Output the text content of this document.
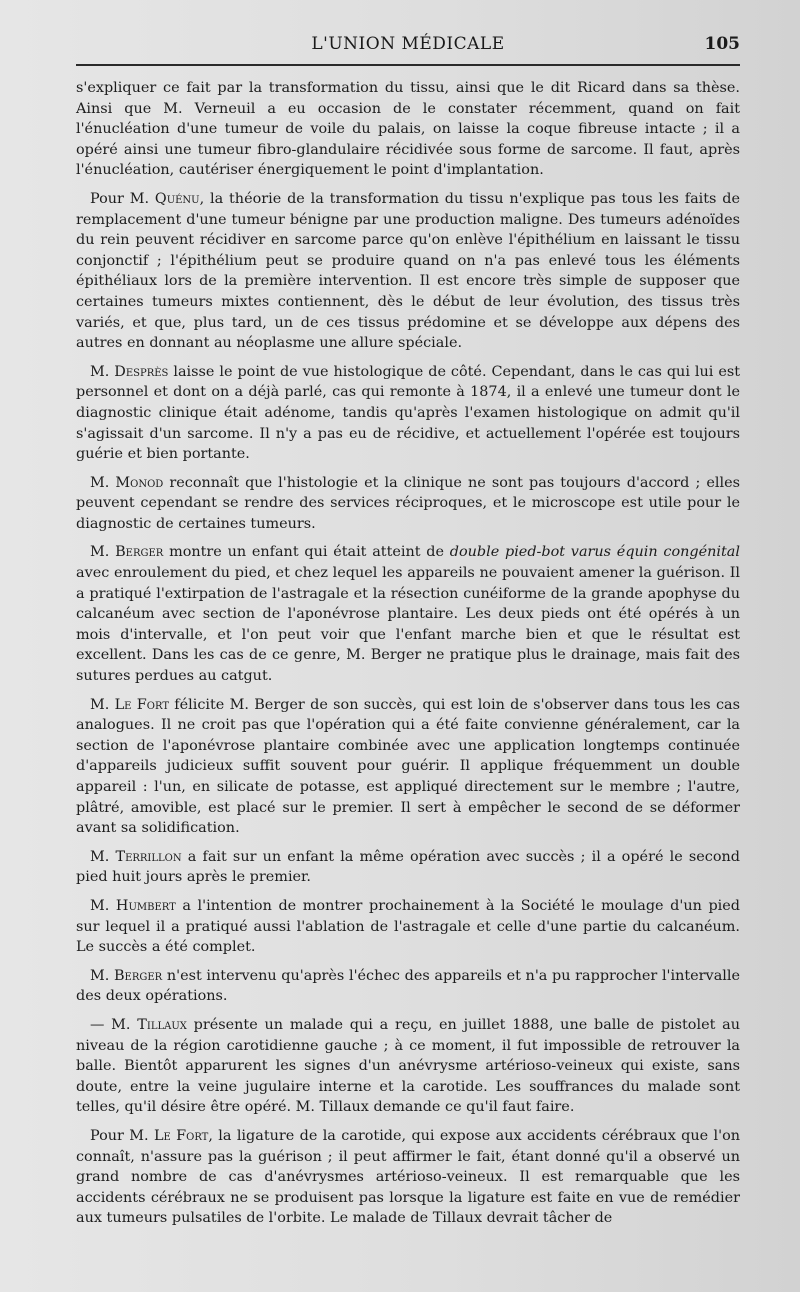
L'UNION MÉDICALE	105

s'expliquer ce fait par la transformation du tissu, ainsi que le dit Ricard dans sa thèse. Ainsi que M. Verneuil a eu occasion de le constater récemment, quand on fait l'énucléation d'une tumeur de voile du palais, on laisse la coque fibreuse intacte ; il a opéré ainsi une tumeur fibro-glandulaire récidivée sous forme de sarcome. Il faut, après l'énucléation, cautériser énergiquement le point d'implantation.

Pour M. Quénu, la théorie de la transformation du tissu n'explique pas tous les faits de remplacement d'une tumeur bénigne par une production maligne. Des tumeurs adénoïdes du rein peuvent récidiver en sarcome parce qu'on enlève l'épithélium en laissant le tissu conjonctif ; l'épithélium peut se produire quand on n'a pas enlevé tous les éléments épithéliaux lors de la première intervention. Il est encore très simple de supposer que certaines tumeurs mixtes contiennent, dès le début de leur évolution, des tissus très variés, et que, plus tard, un de ces tissus prédomine et se développe aux dépens des autres en donnant au néoplasme une allure spéciale.

M. Desprès laisse le point de vue histologique de côté. Cependant, dans le cas qui lui est personnel et dont on a déjà parlé, cas qui remonte à 1874, il a enlevé une tumeur dont le diagnostic clinique était adénome, tandis qu'après l'examen histologique on admit qu'il s'agissait d'un sarcome. Il n'y a pas eu de récidive, et actuellement l'opérée est toujours guérie et bien portante.

M. Monod reconnaît que l'histologie et la clinique ne sont pas toujours d'accord ; elles peuvent cependant se rendre des services réciproques, et le microscope est utile pour le diagnostic de certaines tumeurs.

M. Berger montre un enfant qui était atteint de double pied-bot varus équin congénital avec enroulement du pied, et chez lequel les appareils ne pouvaient amener la guérison. Il a pratiqué l'extirpation de l'astragale et la résection cunéiforme de la grande apophyse du calcanéum avec section de l'aponévrose plantaire. Les deux pieds ont été opérés à un mois d'intervalle, et l'on peut voir que l'enfant marche bien et que le résultat est excellent. Dans les cas de ce genre, M. Berger ne pratique plus le drainage, mais fait des sutures perdues au catgut.

M. Le Fort félicite M. Berger de son succès, qui est loin de s'observer dans tous les cas analogues. Il ne croit pas que l'opération qui a été faite convienne généralement, car la section de l'aponévrose plantaire combinée avec une application longtemps continuée d'appareils judicieux suffit souvent pour guérir. Il applique fréquemment un double appareil : l'un, en silicate de potasse, est appliqué directement sur le membre ; l'autre, plâtré, amovible, est placé sur le premier. Il sert à empêcher le second de se déformer avant sa solidification.

M. Terrillon a fait sur un enfant la même opération avec succès ; il a opéré le second pied huit jours après le premier.

M. Humbert a l'intention de montrer prochainement à la Société le moulage d'un pied sur lequel il a pratiqué aussi l'ablation de l'astragale et celle d'une partie du calcanéum. Le succès a été complet.

M. Berger n'est intervenu qu'après l'échec des appareils et n'a pu rapprocher l'intervalle des deux opérations.

— M. Tillaux présente un malade qui a reçu, en juillet 1888, une balle de pistolet au niveau de la région carotidienne gauche ; à ce moment, il fut impossible de retrouver la balle. Bientôt apparurent les signes d'un anévrysme artérioso-veineux qui existe, sans doute, entre la veine jugulaire interne et la carotide. Les souffrances du malade sont telles, qu'il désire être opéré. M. Tillaux demande ce qu'il faut faire.

Pour M. Le Fort, la ligature de la carotide, qui expose aux accidents cérébraux que l'on connaît, n'assure pas la guérison ; il peut affirmer le fait, étant donné qu'il a observé un grand nombre de cas d'anévrysmes artérioso-veineux. Il est remarquable que les accidents cérébraux ne se produisent pas lorsque la ligature est faite en vue de remédier aux tumeurs pulsatiles de l'orbite. Le malade de Tillaux devrait tâcher de
